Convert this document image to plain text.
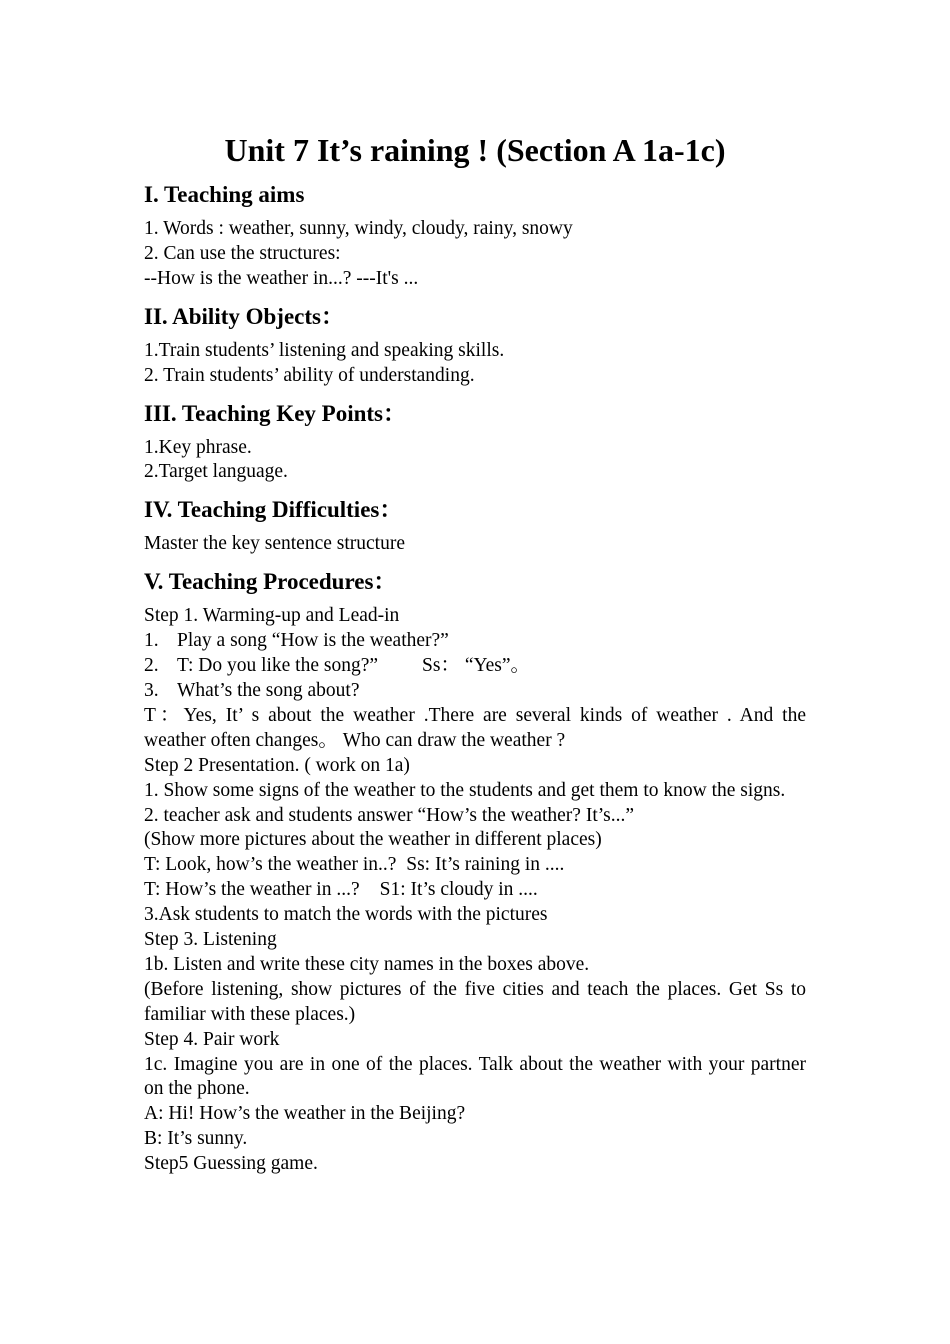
Unit 7 It’s raining ! (Section A 1a-1c)
I. Teaching aims
1. Words : weather, sunny, windy, cloudy, rainy, snowy
2. Can use the structures:
--How is the weather in...? ---It's ...
II. Ability Objects：
1.Train students’ listening and speaking skills.
2. Train students’ ability of understanding.
III. Teaching Key Points：
1.Key phrase.
2.Target language.
IV. Teaching Difficulties：
Master the key sentence structure
V. Teaching Procedures：
Step 1. Warming-up and Lead-in
1. Play a song “How is the weather?”
2. T: Do you like the song?” Ss： “Yes”。
3. What’s the song about?
T：Yes, It’ s about the weather .There are several kinds of weather . And the weather often changes。 Who can draw the weather ?
Step 2 Presentation. ( work on 1a)
1. Show some signs of the weather to the students and get them to know the signs.
2. teacher ask and students answer “How’s the weather? It’s...”
(Show more pictures about the weather in different places)
T: Look, how’s the weather in..? Ss: It’s raining in ....
T: How’s the weather in ...? S1: It’s cloudy in ....
3.Ask students to match the words with the pictures
Step 3. Listening
1b. Listen and write these city names in the boxes above.
(Before listening, show pictures of the five cities and teach the places. Get Ss to familiar with these places.)
Step 4. Pair work
1c. Imagine you are in one of the places. Talk about the weather with your partner on the phone.
A: Hi! How’s the weather in the Beijing?
B: It’s sunny.
Step5 Guessing game.
